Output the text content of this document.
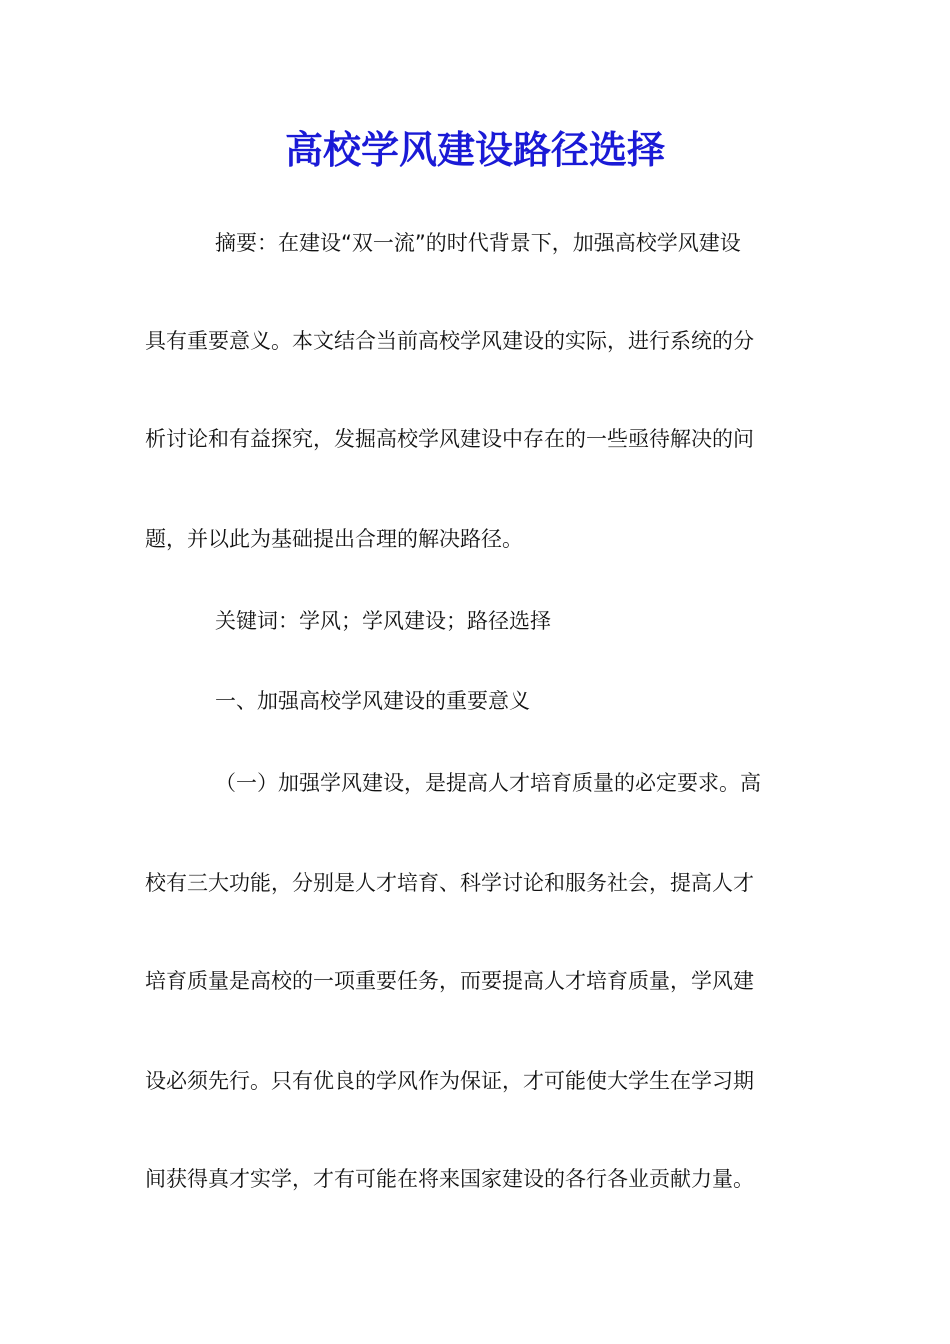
高校学风建设路径选择
摘要：在建设“双一流”的时代背景下，加强高校学风建设
具有重要意义。本文结合当前高校学风建设的实际，进行系统的分
析讨论和有益探究，发掘高校学风建设中存在的一些亟待解决的问
题，并以此为基础提出合理的解决路径。
关键词：学风；学风建设；路径选择
一、加强高校学风建设的重要意义
（一）加强学风建设，是提高人才培育质量的必定要求。高
校有三大功能，分别是人才培育、科学讨论和服务社会，提高人才
培育质量是高校的一项重要任务，而要提高人才培育质量，学风建
设必须先行。只有优良的学风作为保证，才可能使大学生在学习期
间获得真才实学，才有可能在将来国家建设的各行各业贡献力量。
